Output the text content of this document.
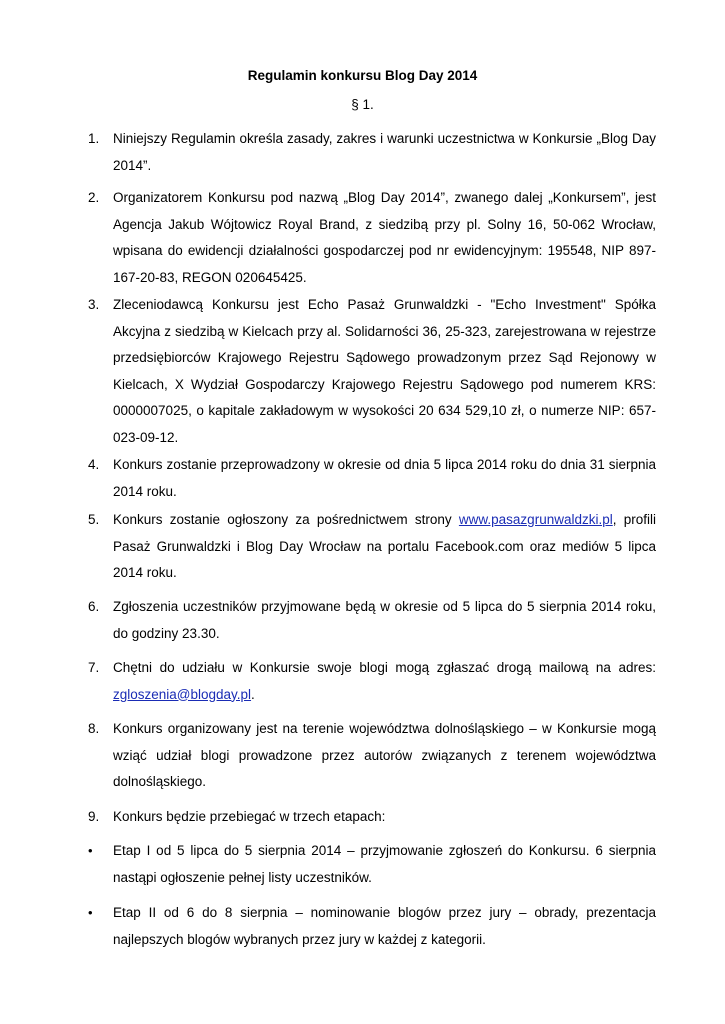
Regulamin konkursu Blog Day 2014
§ 1.
1.	Niniejszy Regulamin określa zasady, zakres i warunki uczestnictwa w Konkursie „Blog Day 2014”.
2.	Organizatorem Konkursu pod nazwą „Blog Day 2014”, zwanego dalej „Konkursem”, jest Agencja Jakub Wójtowicz Royal Brand, z siedzibą przy pl. Solny 16, 50-062 Wrocław, wpisana do ewidencji działalności gospodarczej pod nr ewidencyjnym: 195548, NIP 897-167-20-83, REGON 020645425.
3.	Zleceniodawcą Konkursu jest Echo Pasaż Grunwaldzki - "Echo Investment" Spółka Akcyjna z siedzibą w Kielcach przy al. Solidarności 36, 25-323, zarejestrowana w rejestrze przedsiębiorców Krajowego Rejestru Sądowego prowadzonym przez Sąd Rejonowy w Kielcach, X Wydział Gospodarczy Krajowego Rejestru Sądowego pod numerem KRS: 0000007025, o kapitale zakładowym w wysokości 20 634 529,10 zł, o numerze NIP: 657-023-09-12.
4.	Konkurs zostanie przeprowadzony w okresie od dnia 5 lipca 2014 roku do dnia 31 sierpnia 2014 roku.
5.	Konkurs zostanie ogłoszony za pośrednictwem strony www.pasazgrunwaldzki.pl, profili Pasaż Grunwaldzki i Blog Day Wrocław na portalu Facebook.com oraz mediów 5 lipca 2014 roku.
6.	Zgłoszenia uczestników przyjmowane będą w okresie od 5 lipca do 5 sierpnia 2014 roku, do godziny 23.30.
7.	Chętni do udziału w Konkursie swoje blogi mogą zgłaszać drogą mailową na adres: zgloszenia@blogday.pl.
8.	Konkurs organizowany jest na terenie województwa dolnośląskiego – w Konkursie mogą wziąć udział blogi prowadzone przez autorów związanych z terenem województwa dolnośląskiego.
9.	Konkurs będzie przebiegać w trzech etapach:
• Etap I od 5 lipca do 5 sierpnia 2014 – przyjmowanie zgłoszeń do Konkursu. 6 sierpnia nastąpi ogłoszenie pełnej listy uczestników.
• Etap II od 6 do 8 sierpnia – nominowanie blogów przez jury – obrady, prezentacja najlepszych blogów wybranych przez jury w każdej z kategorii.
